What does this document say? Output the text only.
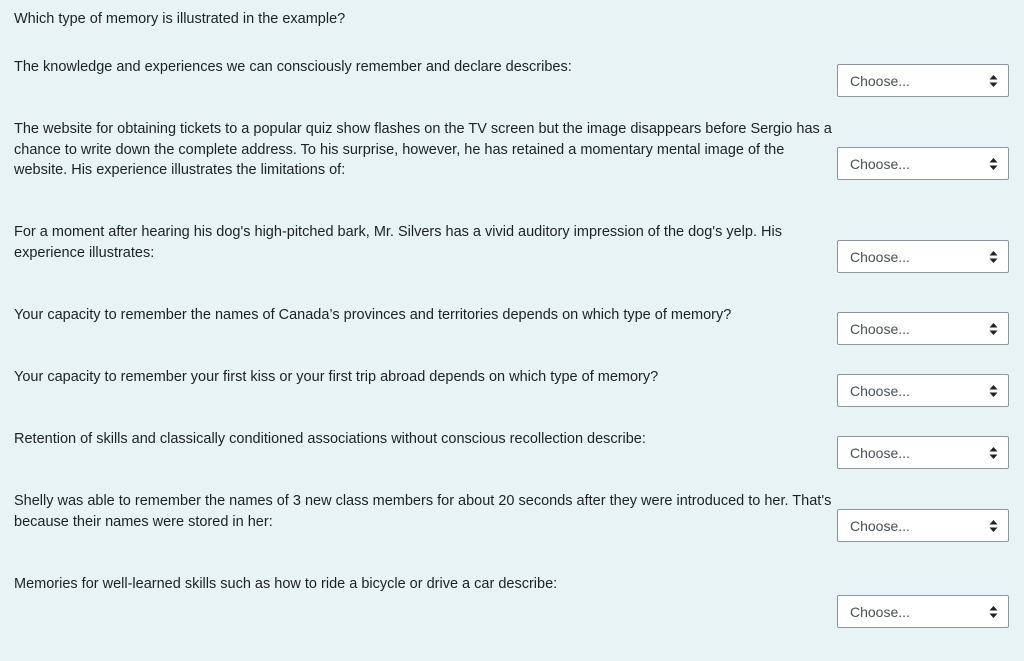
Which type of memory is illustrated in the example?
The knowledge and experiences we can consciously remember and declare describes:
Choose...
The website for obtaining tickets to a popular quiz show flashes on the TV screen but the image disappears before Sergio has a chance to write down the complete address. To his surprise, however, he has retained a momentary mental image of the website. His experience illustrates the limitations of:	Choose...
For a moment after hearing his dog's high-pitched bark, Mr. Silvers has a vivid auditory impression of the dog's yelp. His experience illustrates:	Choose...
Your capacity to remember the names of Canada’s provinces and territories depends on which type of memory?
Choose...
Your capacity to remember your first kiss or your first trip abroad depends on which type of memory?
Choose...
Retention of skills and classically conditioned associations without conscious recollection describe:
Choose...
Shelly was able to remember the names of 3 new class members for about 20 seconds after they were introduced to her. That's because their names were stored in her:	Choose...
Memories for well-learned skills such as how to ride a bicycle or drive a car describe:
Choose...
